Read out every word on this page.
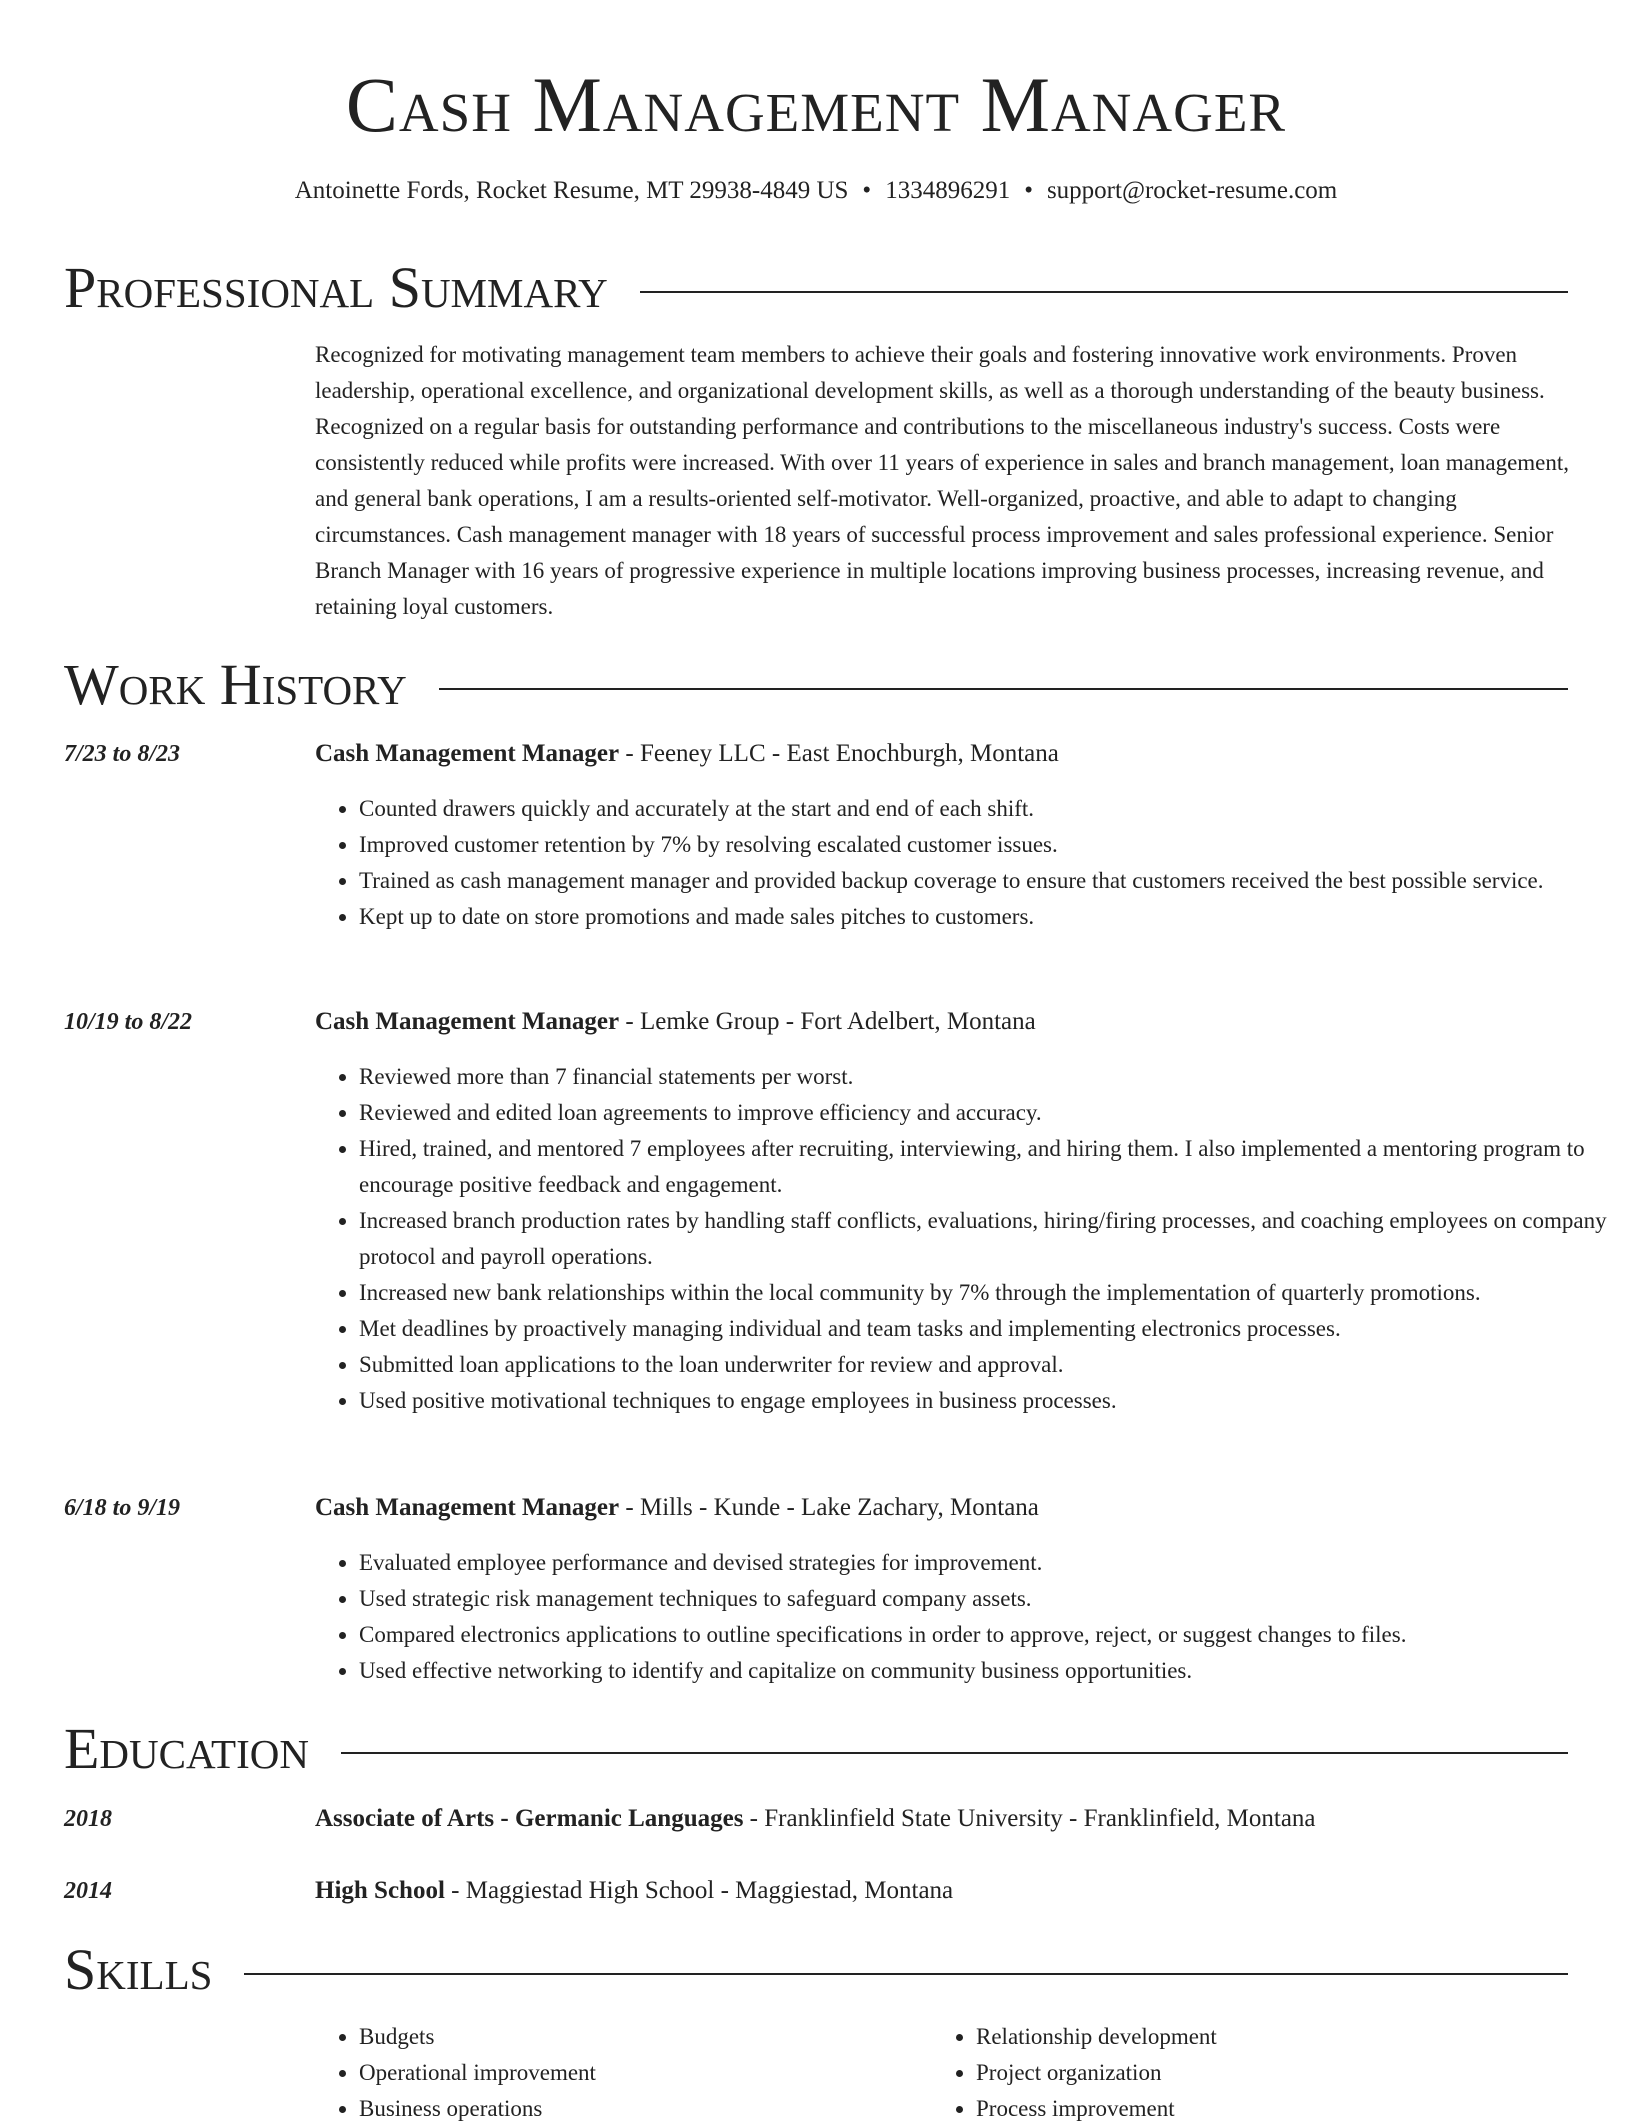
Cash Management Manager
Antoinette Fords, Rocket Resume, MT 29938-4849 US • 1334896291 • support@rocket-resume.com
Professional Summary

Recognized for motivating management team members to achieve their goals and fostering innovative work environments. Proven leadership, operational excellence, and organizational development skills, as well as a thorough understanding of the beauty business. Recognized on a regular basis for outstanding performance and contributions to the miscellaneous industry's success. Costs were consistently reduced while profits were increased. With over 11 years of experience in sales and branch management, loan management, and general bank operations, I am a results-oriented self-motivator. Well-organized, proactive, and able to adapt to changing circumstances. Cash management manager with 18 years of successful process improvement and sales professional experience. Senior Branch Manager with 16 years of progressive experience in multiple locations improving business processes, increasing revenue, and retaining loyal customers.

Work History
7/23 to 8/23	Cash Management Manager - Feeney LLC - East Enochburgh, Montana
• Counted drawers quickly and accurately at the start and end of each shift.
• Improved customer retention by 7% by resolving escalated customer issues.
• Trained as cash management manager and provided backup coverage to ensure that customers received the best possible service.
• Kept up to date on store promotions and made sales pitches to customers.
10/19 to 8/22	Cash Management Manager - Lemke Group - Fort Adelbert, Montana
• Reviewed more than 7 financial statements per worst.
• Reviewed and edited loan agreements to improve efficiency and accuracy.
• Hired, trained, and mentored 7 employees after recruiting, interviewing, and hiring them. I also implemented a mentoring program to encourage positive feedback and engagement.
• Increased branch production rates by handling staff conflicts, evaluations, hiring/firing processes, and coaching employees on company protocol and payroll operations.
• Increased new bank relationships within the local community by 7% through the implementation of quarterly promotions.
• Met deadlines by proactively managing individual and team tasks and implementing electronics processes.
• Submitted loan applications to the loan underwriter for review and approval.
• Used positive motivational techniques to engage employees in business processes.
6/18 to 9/19	Cash Management Manager - Mills - Kunde - Lake Zachary, Montana
• Evaluated employee performance and devised strategies for improvement.
• Used strategic risk management techniques to safeguard company assets.
• Compared electronics applications to outline specifications in order to approve, reject, or suggest changes to files.
• Used effective networking to identify and capitalize on community business opportunities.
Education
2018	Associate of Arts - Germanic Languages - Franklinfield State University - Franklinfield, Montana
2014	High School - Maggiestad High School - Maggiestad, Montana
Skills
• Budgets
• Operational improvement
• Business operations
• Relationship development
• Project organization
• Process improvement
